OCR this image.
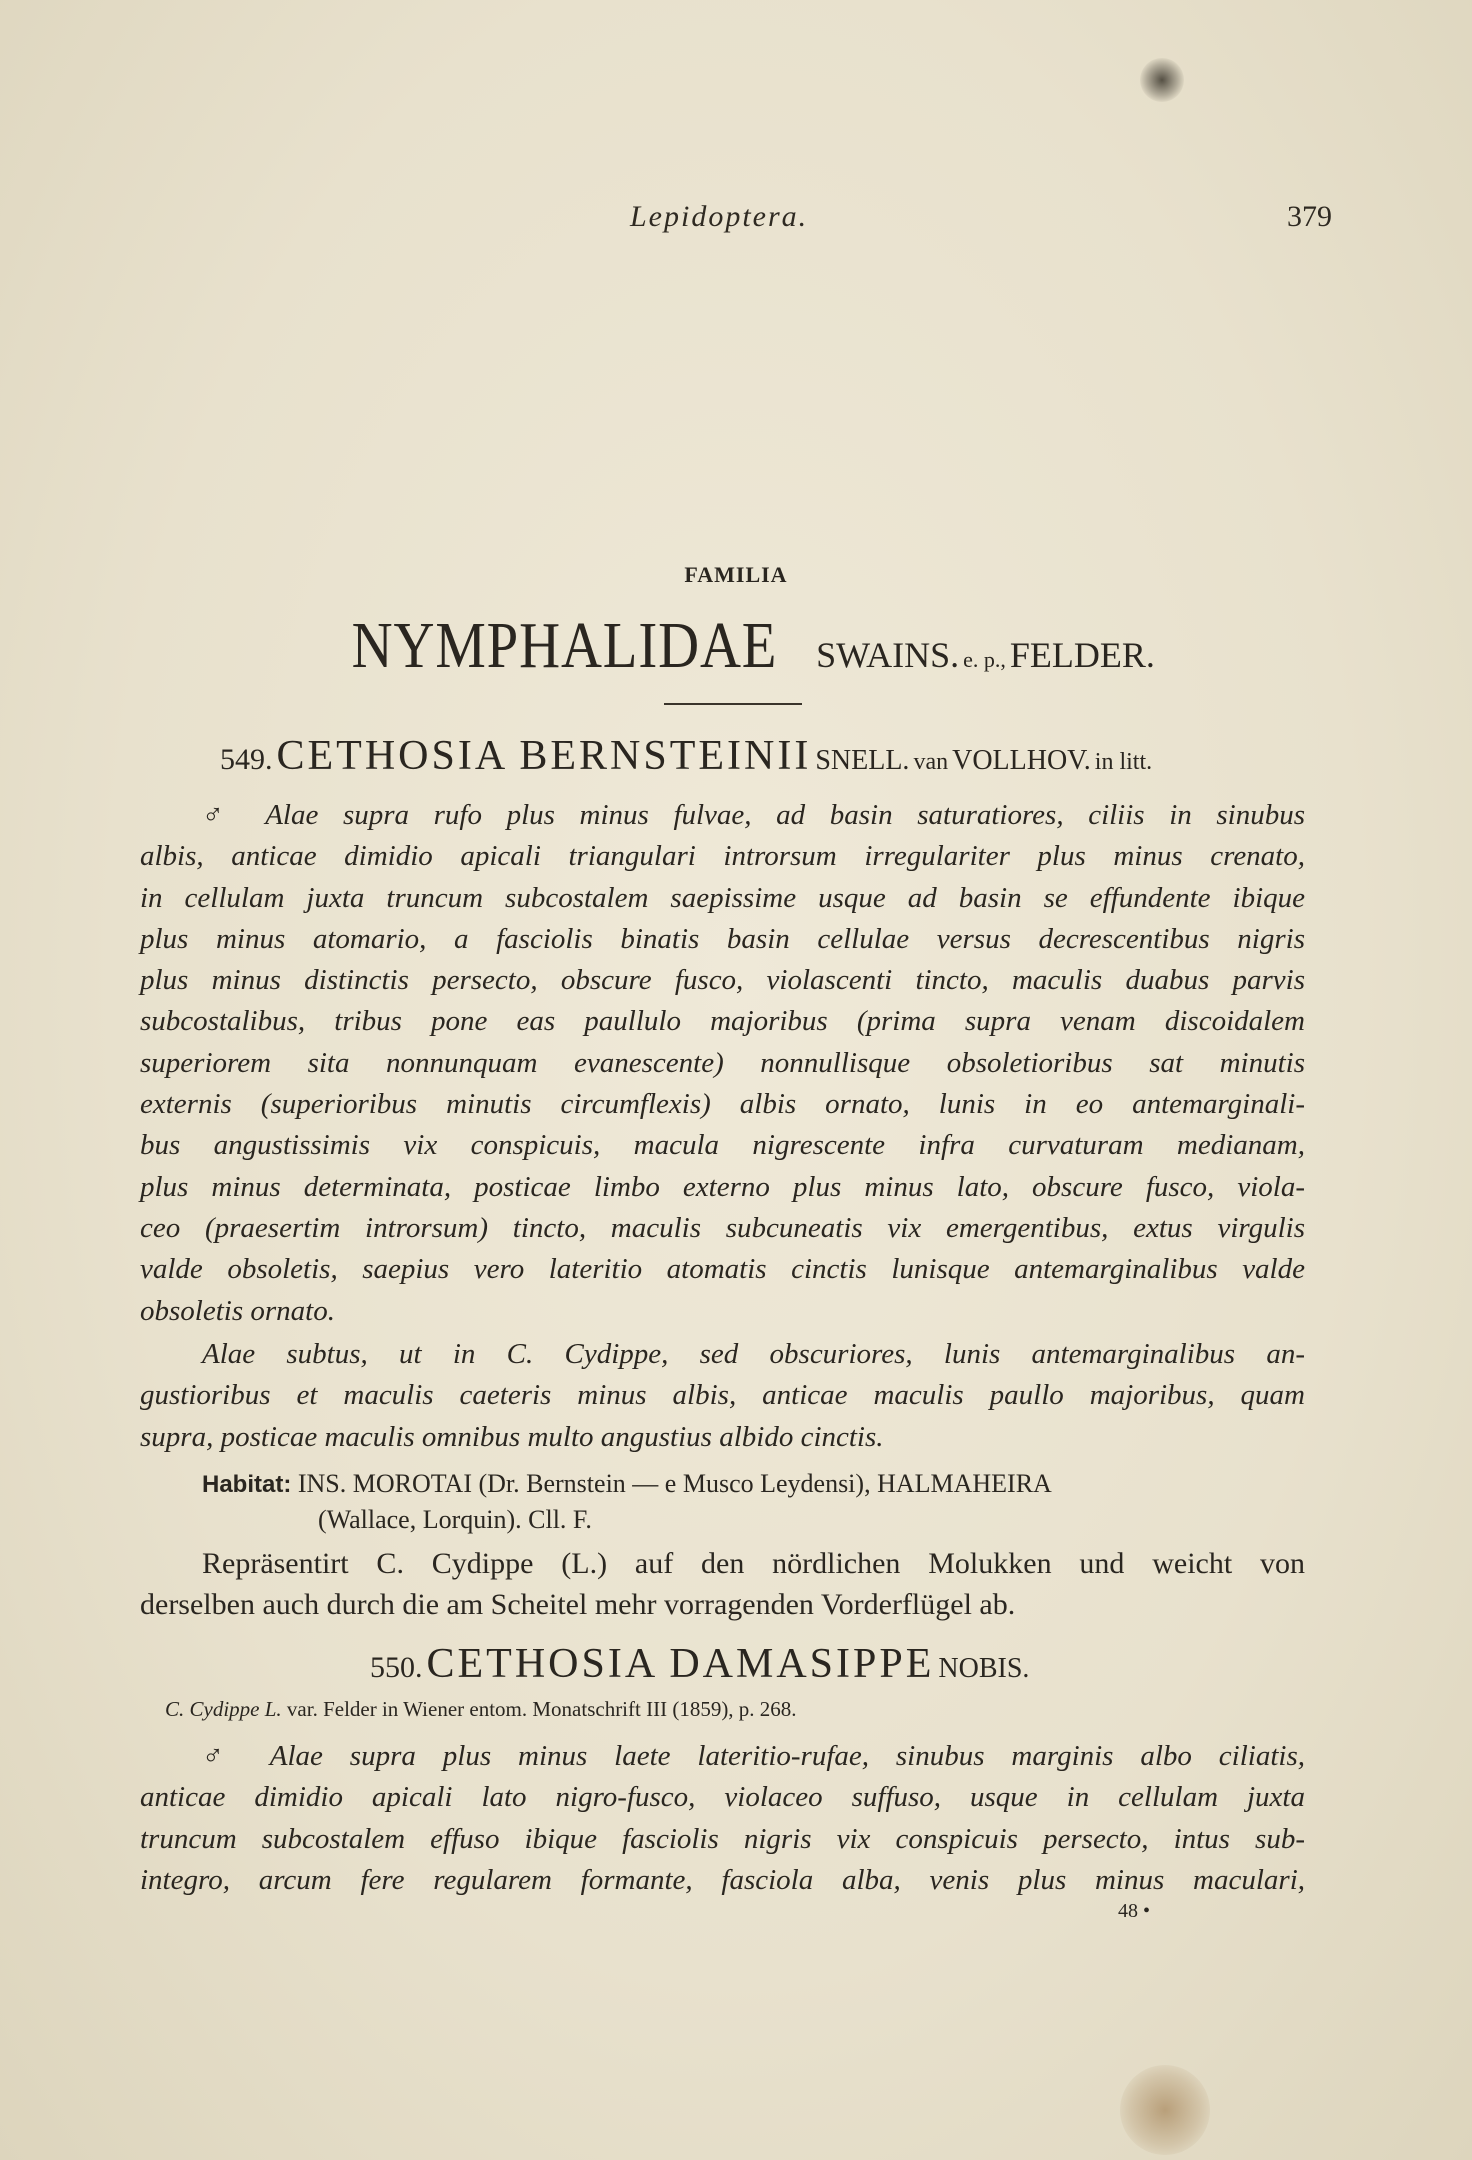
Lepidoptera.	379
FAMILIA
NYMPHALIDAE SWAINS. e. p., FELDER.
549. CETHOSIA BERNSTEINII SNELL. van VOLLHOV. in litt.
♂ Alae supra rufo plus minus fulvae, ad basin saturatiores, ciliis in sinubus
albis, anticae dimidio apicali triangulari introrsum irregulariter plus minus crenato,
in cellulam juxta truncum subcostalem saepissime usque ad basin se effundente ibique
plus minus atomario, a fasciolis binatis basin cellulae versus decrescentibus nigris
plus minus distinctis persecto, obscure fusco, violascenti tincto, maculis duabus parvis
subcostalibus, tribus pone eas paullulo majoribus (prima supra venam discoidalem
superiorem sita nonnunquam evanescente) nonnullisque obsoletioribus sat minutis
externis (superioribus minutis circumflexis) albis ornato, lunis in eo antemarginali-
bus angustissimis vix conspicuis, macula nigrescente infra curvaturam medianam,
plus minus determinata, posticae limbo externo plus minus lato, obscure fusco, viola-
ceo (praesertim introrsum) tincto, maculis subcuneatis vix emergentibus, extus virgulis
valde obsoletis, saepius vero lateritio atomatis cinctis lunisque antemarginalibus valde
obsoletis ornato.
Alae subtus, ut in C. Cydippe, sed obscuriores, lunis antemarginalibus an-
gustioribus et maculis caeteris minus albis, anticae maculis paullo majoribus, quam
supra, posticae maculis omnibus multo angustius albido cinctis.
Habitat: INS. MOROTAI (Dr. Bernstein — e Musco Leydensi), HALMAHEIRA
(Wallace, Lorquin). Cll. F.
Repräsentirt C. Cydippe (L.) auf den nördlichen Molukken und weicht von
derselben auch durch die am Scheitel mehr vorragenden Vorderflügel ab.
550. CETHOSIA DAMASIPPE NOBIS.
C. Cydippe L. var. Felder in Wiener entom. Monatschrift III (1859), p. 268.
♂ Alae supra plus minus laete lateritio-rufae, sinubus marginis albo ciliatis,
anticae dimidio apicali lato nigro-fusco, violaceo suffuso, usque in cellulam juxta
truncum subcostalem effuso ibique fasciolis nigris vix conspicuis persecto, intus sub-
integro, arcum fere regularem formante, fasciola alba, venis plus minus maculari,
48 •
